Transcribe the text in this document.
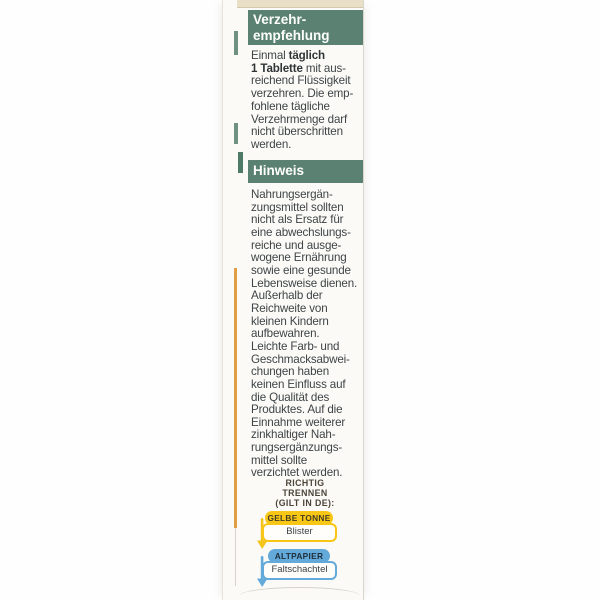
Verzehr-
empfehlung

Einmal täglich
1 Tablette mit aus-
reichend Flüssigkeit
verzehren. Die emp-
fohlene tägliche
Verzehrmenge darf
nicht überschritten
werden.

Hinweis

Nahrungsergän-
zungsmittel sollten
nicht als Ersatz für
eine abwechslungs-
reiche und ausge-
wogene Ernährung
sowie eine gesunde
Lebensweise dienen.
Außerhalb der
Reichweite von
kleinen Kindern
aufbewahren.
Leichte Farb- und
Geschmacksabwei-
chungen haben
keinen Einfluss auf
die Qualität des
Produktes. Auf die
Einnahme weiterer
zinkhaltiger Nah-
rungsergänzungs-
mittel sollte
verzichtet werden.

RICHTIG
TRENNEN
(GILT IN DE):
GELBE TONNE
Blister
ALTPAPIER
Faltschachtel
